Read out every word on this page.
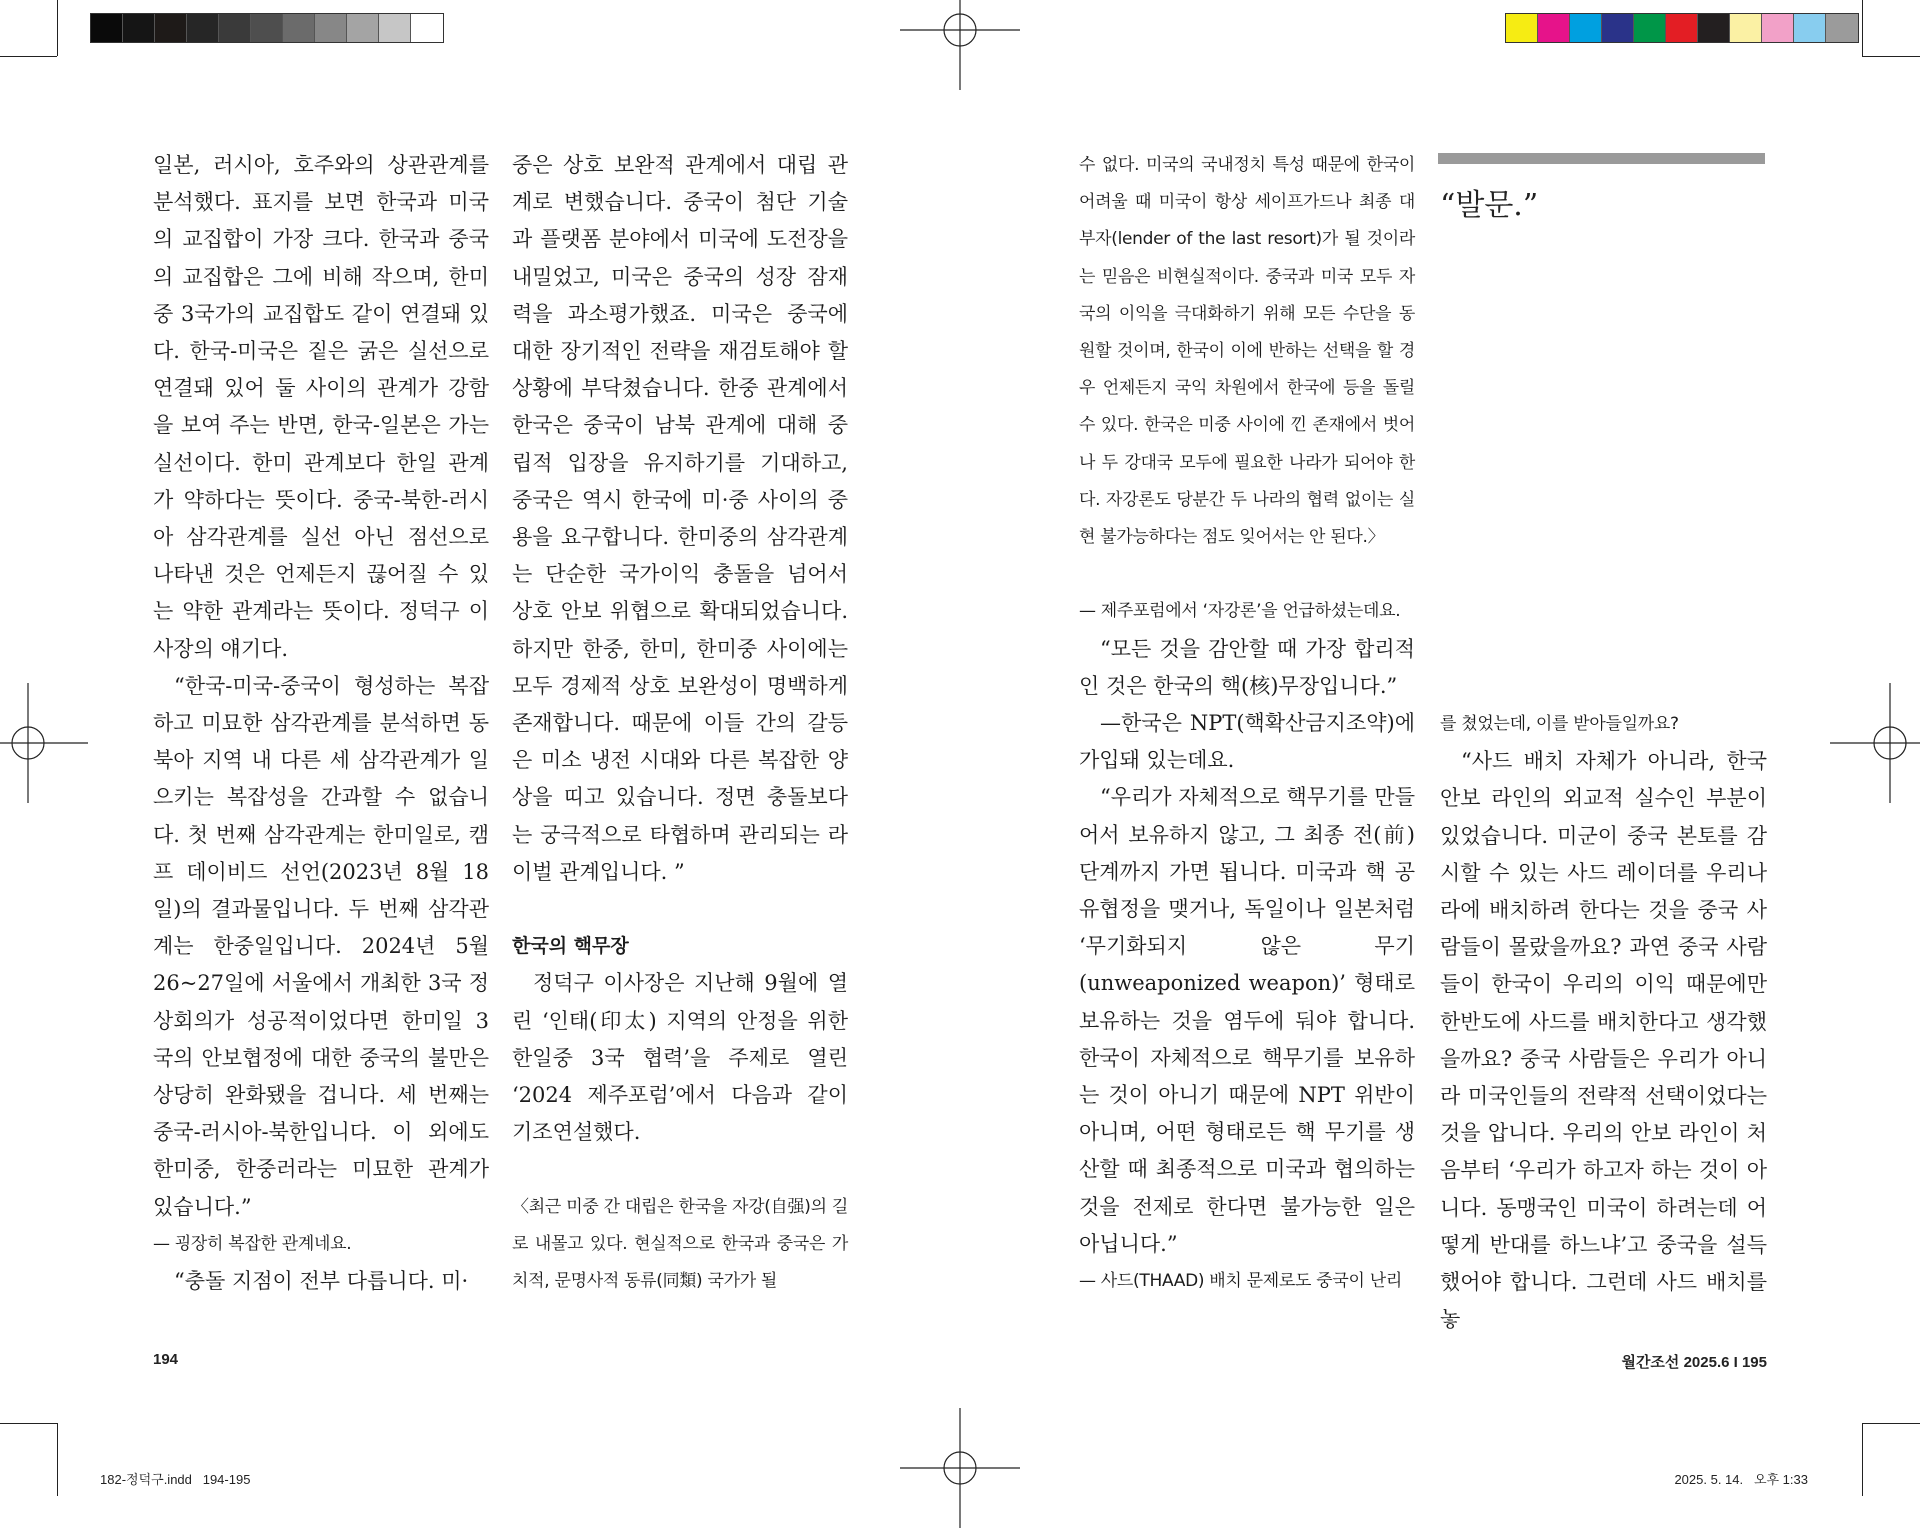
일본, 러시아, 호주와의 상관관계를 분석했다. 표지를 보면 한국과 미국의 교집합이 가장 크다. 한국과 중국의 교집합은 그에 비해 작으며, 한미중 3국가의 교집합도 같이 연결돼 있다. 한국-미국은 짙은 굵은 실선으로 연결돼 있어 둘 사이의 관계가 강함을 보여 주는 반면, 한국-일본은 가는 실선이다. 한미 관계보다 한일 관계가 약하다는 뜻이다. 중국-북한-러시아 삼각관계를 실선 아닌 점선으로 나타낸 것은 언제든지 끊어질 수 있는 약한 관계라는 뜻이다. 정덕구 이사장의 얘기다.

“한국-미국-중국이 형성하는 복잡하고 미묘한 삼각관계를 분석하면 동북아 지역 내 다른 세 삼각관계가 일으키는 복잡성을 간과할 수 없습니다. 첫 번째 삼각관계는 한미일로, 캠프 데이비드 선언(2023년 8월 18일)의 결과물입니다. 두 번째 삼각관계는 한중일입니다. 2024년 5월 26~27일에 서울에서 개최한 3국 정상회의가 성공적이었다면 한미일 3국의 안보협정에 대한 중국의 불만은 상당히 완화됐을 겁니다. 세 번째는 중국-러시아-북한입니다. 이 외에도 한미중, 한중러라는 미묘한 관계가 있습니다.”

— 굉장히 복잡한 관계네요.

“충돌 지점이 전부 다릅니다. 미·

중은 상호 보완적 관계에서 대립 관계로 변했습니다. 중국이 첨단 기술과 플랫폼 분야에서 미국에 도전장을 내밀었고, 미국은 중국의 성장 잠재력을 과소평가했죠. 미국은 중국에 대한 장기적인 전략을 재검토해야 할 상황에 부닥쳤습니다. 한중 관계에서 한국은 중국이 남북 관계에 대해 중립적 입장을 유지하기를 기대하고, 중국은 역시 한국에 미·중 사이의 중용을 요구합니다. 한미중의 삼각관계는 단순한 국가이익 충돌을 넘어서 상호 안보 위협으로 확대되었습니다. 하지만 한중, 한미, 한미중 사이에는 모두 경제적 상호 보완성이 명백하게 존재합니다. 때문에 이들 간의 갈등은 미소 냉전 시대와 다른 복잡한 양상을 띠고 있습니다. 정면 충돌보다는 궁극적으로 타협하며 관리되는 라이벌 관계입니다. ”

한국의 핵무장

정덕구 이사장은 지난해 9월에 열린 ‘인태(印太) 지역의 안정을 위한 한일중 3국 협력’을 주제로 열린 ‘2024 제주포럼’에서 다음과 같이 기조연설했다.

〈최근 미중 간 대립은 한국을 자강(自强)의 길로 내몰고 있다. 현실적으로 한국과 중국은 가치적, 문명사적 동류(同類) 국가가 될

수 없다. 미국의 국내정치 특성 때문에 한국이 어려울 때 미국이 항상 세이프가드나 최종 대부자(lender of the last resort)가 될 것이라는 믿음은 비현실적이다. 중국과 미국 모두 자국의 이익을 극대화하기 위해 모든 수단을 동원할 것이며, 한국이 이에 반하는 선택을 할 경우 언제든지 국익 차원에서 한국에 등을 돌릴 수 있다. 한국은 미중 사이에 낀 존재에서 벗어나 두 강대국 모두에 필요한 나라가 되어야 한다. 자강론도 당분간 두 나라의 협력 없이는 실현 불가능하다는 점도 잊어서는 안 된다.〉

— 제주포럼에서 ‘자강론’을 언급하셨는데요.

“모든 것을 감안할 때 가장 합리적인 것은 한국의 핵(核)무장입니다.”

—한국은 NPT(핵확산금지조약)에 가입돼 있는데요.

“우리가 자체적으로 핵무기를 만들어서 보유하지 않고, 그 최종 전(前)단계까지 가면 됩니다. 미국과 핵 공유협정을 맺거나, 독일이나 일본처럼 ‘무기화되지 않은 무기(unweaponized weapon)’ 형태로 보유하는 것을 염두에 둬야 합니다. 한국이 자체적으로 핵무기를 보유하는 것이 아니기 때문에 NPT 위반이 아니며, 어떤 형태로든 핵 무기를 생산할 때 최종적으로 미국과 협의하는 것을 전제로 한다면 불가능한 일은 아닙니다.”

— 사드(THAAD) 배치 문제로도 중국이 난리

“발문.”

를 쳤었는데, 이를 받아들일까요?

“사드 배치 자체가 아니라, 한국 안보 라인의 외교적 실수인 부분이 있었습니다. 미군이 중국 본토를 감시할 수 있는 사드 레이더를 우리나라에 배치하려 한다는 것을 중국 사람들이 몰랐을까요? 과연 중국 사람들이 한국이 우리의 이익 때문에만 한반도에 사드를 배치한다고 생각했을까요? 중국 사람들은 우리가 아니라 미국인들의 전략적 선택이었다는 것을 압니다. 우리의 안보 라인이 처음부터 ‘우리가 하고자 하는 것이 아니다. 동맹국인 미국이 하려는데 어떻게 반대를 하느냐’고 중국을 설득했어야 합니다. 그런데 사드 배치를 놓

194	월간조선 2025.6 I 195
182-정덕구.indd   194-195	2025. 5. 14.   오후 1:33
